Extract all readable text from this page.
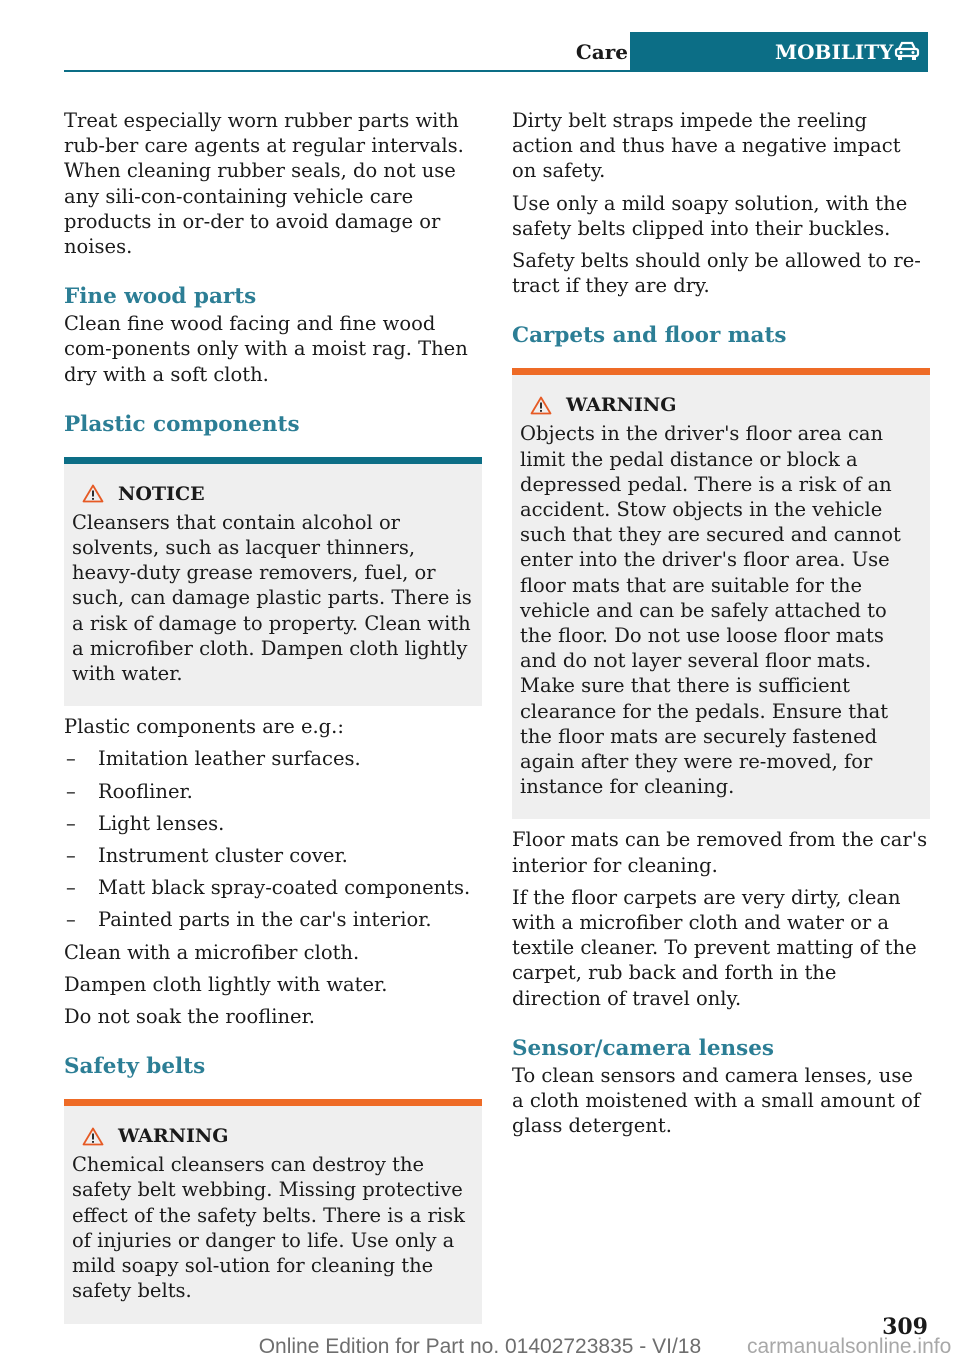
Care	MOBILITY

Treat especially worn rubber parts with rub-ber care agents at regular intervals. When cleaning rubber seals, do not use any sili-con-containing vehicle care products in or-der to avoid damage or noises.

Fine wood parts

Clean fine wood facing and fine wood com-ponents only with a moist rag. Then dry with a soft cloth.

Plastic components
NOTICE

Cleansers that contain alcohol or solvents, such as lacquer thinners, heavy-duty grease removers, fuel, or such, can damage plastic parts. There is a risk of damage to property. Clean with a microfiber cloth. Dampen cloth lightly with water.

Plastic components are e.g.:

– Imitation leather surfaces.
– Roofliner.
– Light lenses.
– Instrument cluster cover.
– Matt black spray-coated components.
– Painted parts in the car's interior.

Clean with a microfiber cloth.

Dampen cloth lightly with water.

Do not soak the roofliner.

Safety belts
WARNING

Chemical cleansers can destroy the safety belt webbing. Missing protective effect of the safety belts. There is a risk of injuries or danger to life. Use only a mild soapy sol-ution for cleaning the safety belts.

Dirty belt straps impede the reeling action and thus have a negative impact on safety.

Use only a mild soapy solution, with the safety belts clipped into their buckles.

Safety belts should only be allowed to re-tract if they are dry.

Carpets and floor mats
WARNING

Objects in the driver's floor area can limit the pedal distance or block a depressed pedal. There is a risk of an accident. Stow objects in the vehicle such that they are secured and cannot enter into the driver's floor area. Use floor mats that are suitable for the vehicle and can be safely attached to the floor. Do not use loose floor mats and do not layer several floor mats. Make sure that there is sufficient clearance for the pedals. Ensure that the floor mats are securely fastened again after they were re-moved, for instance for cleaning.

Floor mats can be removed from the car's interior for cleaning.

If the floor carpets are very dirty, clean with a microfiber cloth and water or a textile cleaner. To prevent matting of the carpet, rub back and forth in the direction of travel only.

Sensor/camera lenses

To clean sensors and camera lenses, use a cloth moistened with a small amount of glass detergent.

309
Online Edition for Part no. 01402723835 - VI/18 carmanualsonline.info
